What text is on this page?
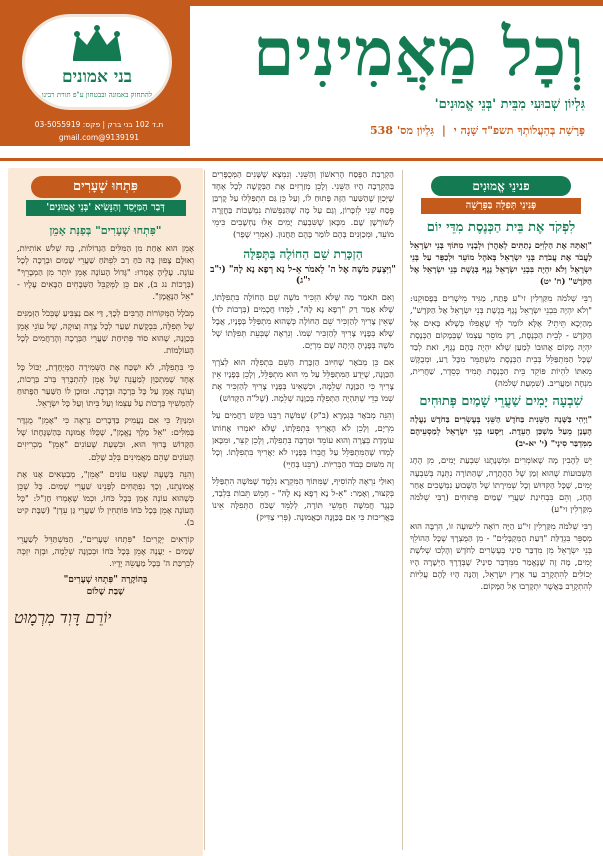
וְכָל מַאֲמִינִים
גִּלְיוֹן שְׁבוּעִי מִבֵּית 'בְּנֵי אֱמוּנִים'
פָּרָשַׁת בְּהַעֲלוֹתְךָ תשפ"ד שָׁנָה י | גִּלְיוֹן מס' 538
בני אמונים
להתחזק באמונה ובבטחון ע"פ תורת רבינו
ת.ד 102 בני ברק | פקס: 03-5055919
9139191@gmail.com
פנינֵי אֱמוּנִים
פְּנִינֵי תְּפִלָּה בַּפָּרָשָׁה
לִפְקֹד אֶת בֵּית הַכְּנֶסֶת מִדֵּי יוֹם

"וְאַתָּה אֶת הַלְוִיִּם נְתַתִּים לְאַהֲרֹן וּלְבָנָיו מִתּוֹךְ בְּנֵי יִשְׂרָאֵל לַעֲבֹד אֶת עֲבֹדַת בְּנֵי יִשְׂרָאֵל בְּאֹהֶל מוֹעֵד וּלְכַפֵּר עַל בְּנֵי יִשְׂרָאֵל וְלֹא יִהְיֶה בִּבְנֵי יִשְׂרָאֵל נֶגֶף בְּגֶשֶׁת בְּנֵי יִשְׂרָאֵל אֶל הַקֹּדֶשׁ" (ח' יט)

רַבֵּי שְׁלֹמֹה מִקַּרְלִין זי"ע פָּתַח, מַגִּיד מֵישָׁרִים בְּפָסוּקֵנוּ: "וְלֹא יִהְיֶה בִּבְנֵי יִשְׂרָאֵל נֶגֶף בְּגֶשֶׁת בְּנֵי יִשְׂרָאֵל אֶל הַקֹּדֶשׁ", מְהַיְכָא תֵּיתֵי? אֶלָּא לוֹמַר לְךָ שֶׁאֲפִלּוּ כְּשֶׁלֹּא בָּאִים אֶל הַקֹּדֶשׁ - לְבֵית הַכְּנֶסֶת, רַק מוֹסֵר עַצְמוֹ שֶׁבְּמָקוֹם הַכְּנֶסֶת יִהְיֶה מָקוֹם אֲהוּבוֹ לְמַעַן שֶׁלֹּא יִהְיֶה בָּהֶם נֶגֶף, זֹאת לְבַד שֶׁכָּל הַמִּתְפַּלֵּל בְּבֵית הַכְּנֶסֶת מִשְׁתַּמֵּר מִכָּל רַע, וּמְבֻקָּשׁ מֵאִתּוֹ לִהְיוֹת פּוֹקֵד בֵּית הַכְּנֶסֶת תָּמִיד כְּסֵדֶר, שַׁחֲרִית, מִנְחָה וּמַעֲרִיב. (שִׁמְעַת שְׁלֹמֹה)

שִׁבְעָה יָמִים שַׁעֲרֵי שָׁמַיִם פְּתוּחִים

"וַיְהִי בַּשָּׁנָה הַשֵּׁנִית בַּחֹדֶשׁ הַשֵּׁנִי בְּעֶשְׂרִים בַּחֹדֶשׁ נַעֲלָה הֶעָנָן מֵעַל מִשְׁכַּן הָעֵדֻת. וַיִּסְעוּ בְנֵי יִשְׂרָאֵל לְמַסְעֵיהֶם מִמִּדְבַּר סִינָי" (י' יא-יב)

יֵשׁ לְהָבִין מָה שֶׁאוֹמְרִים וּמִשְׁנָתָנוּ שִׁבְעַת יָמִים, מִן הֶחָג הַשְּׁבוּעוֹת שֶׁהוּא זְמַן שֶׁל הַהֲתָרָה, שֶׁהַתּוֹרָה נִתְּנָה בְּשִׁבְעָה יָמִים, שֶׁכָּל הַקִּדּוּשׁ וְכָל שְׁמִירָתוֹ שֶׁל הַשָּׁבוּעַ נִמְשָׁכִים אַחַר הֶחָג, וְהֵם בִּבְחִינַת שַׁעֲרֵי שָׁמַיִם פְּתוּחִים (רַבִּי שְׁלֹמֹה מִקַּרְלִין זי"ע)

רַבִּי שְׁלֹמֹה מִקַּרְלִין זי"ע הַיָּה רוֹאֶה לִישׁוּעָה זוֹ, הִרְבָּה הוּא מְסַפֵּר בִּגְדֻלַּת "דַּעַת הַמְּקֻבָּלִים" - מִן הַמֻּצְרָךְ שֶׁכָּל הַהוֹלֵךְ בְּנֵי יִשְׂרָאֵל מִן מִדְבַּר סִינַי בְּעֶשְׂרִים לַחֹדֶשׁ וְהָלְכוּ שְׁלשֶׁת יָמִים, מָה זֶה שֶׁנֶּאֱמַר מִמִּדְבַּר סִינַי? שֶׁבְּדֶרֶךְ הַיְּשָׁרָה הָיוּ יְכוֹלִים לְהִתְקָרֵב עַד אֶרֶץ יִשְׂרָאֵל, וְהַנָּה הָיוּ לָהֶם עֲלִיּוֹת לְהִתְקָרֵב בַּאֲשֶׁר יִתְקָרְבוּ אֶל הַמָּקוֹם.

הַקְרָבַת הַפֶּסַח הָרִאשׁוֹן וְהַשֵּׁנִי. וְנִמְצָא שֶׁשָּׁנִים הַמְּכֻפָּרִים בַּהַקְרָבָה הָיוּ הַשֵּׁנִי. וְלָכֵן מְזַרְזִים אֶת הַבְּקָשָׁה לְכָל אֶחָד שֶׁיְּכַוֵּן שֶׁהַשַּׁעַר הַזֶּה פָּתוּחַ לוֹ, וְעַל כֵּן גַּם הִתְפַּלְּלוּ עַל קָרְבַּן פֶּסַח שֵׁנִי לְזִכָּרוֹן, וְגַם עַל מָה שֶׁהַנַּפְשׁוֹת נִמְשָׁכוֹת בַּחֲזָרָה לְשׁוֹרְשָׁן שָׁם. מִכָּאן שֶׁשִּׁבְעַת יָמִים אֵלּוּ נַחְשָׁבִים כִּימֵי מוֹעֵד, וּמְכַוְּנִים בְּהֶם לוֹמַר בָּהֶם תַּחֲנוּן. (אִמְרֵי שֶׁפֶר)

הַזְכָּרַת שֵׁם הַחוֹלֶה בַּתְּפִלָּה
"וַיִּצְעַק מֹשֶׁה אֶל ה' לֵאמֹר אֵ-ל נָא רְפָא נָא לָהּ" (י"ב י"ג)

וְאִם תֹּאמַר מַה שֶּׁלֹּא הִזְכִּיר מֹשֶׁה שֵׁם הַחוֹלָה בִּתְפִלָּתוֹ, שֶׁלֹּא אָמַר רַק "רְפָא נָא לָהּ", לִמְּדוּ חֲכָמִים (בְּרָכוֹת לד) שֶׁאֵין צָרִיךְ לְהַזְכִּיר שֵׁם הַחוֹלֶה כְּשֶׁהוּא מִתְפַּלֵּל בְּפָנָיו, אֲבָל שֶׁלֹּא בְּפָנָיו צָרִיךְ לְהַזְכִּיר שְׁמוֹ. וְנִרְאֶה שֶׁבְּעֵת תְּפִלָּתוֹ שֶׁל מֹשֶׁה בְּפָנֶיהָ הָיְתָה שָׁם מִרְיָם.

אִם כֵּן מְבֹאָר שֶׁחִיּוּב הַזְכָּרַת הַשֵּׁם בִּתְפִלָּה הוּא לְצֹרֶךְ הַכַּוָּנָה, שֶׁיֵּדַע הַמִּתְפַּלֵּל עַל מִי הוּא מִתְפַּלֵּל, וְלָכֵן בְּפָנָיו אֵין צָרִיךְ כִּי הַכַּוָּנָה שְׁלֵמָה, וּכְשֶׁאֵינוֹ בְּפָנָיו צָרִיךְ לְהַזְכִּיר אֶת שְׁמוֹ כְּדֵי שֶׁתִּהְיֶה הַתְּפִלָּה בְּכַוָּנָה שְׁלֵמָה. (שֶׁל"ה הַקָּדוֹשׁ)

וְהִנֵּה מְבֹאָר בְּגְמָרָא (ב"ק) שֶׁמֹּשֶׁה רַבֵּנוּ בִּקֵּשׁ רַחֲמִים עַל מִרְיָם, וְלָכֵן לֹא הָאֲרִיךְ בִּתְפִלָּתוֹ, שֶׁלֹּא יֹאמְרוּ אֲחוֹתוֹ עוֹמֶדֶת בְּצָרָה וְהוּא עוֹמֵד וּמַרְבֶּה בִּתְפִלָּה, וְלָכֵן קִצֵּר, וּמִכָּאן לָמְדוּ שֶׁהַמִּתְפַּלֵּל עַל חֲבֵרוֹ בְּפָנָיו לֹא יַאֲרִיךְ בִּתְפִלָּתוֹ. וְכָל זֶה מִשּׁוּם כְּבוֹד הַבְּרִיּוֹת. (רַבֵּנוּ בְּחַיֵּי)

וְאוּלַי נִרְאֶה לְהוֹסִיף, שֶׁמִּתּוֹךְ הַמִּקְרָא נִלְמָד שֶׁמֹּשֶׁה הִתְפַּלֵּל בְּקִצּוּר, וְאָמַר: "אֵ-ל נָא רְפָא נָא לָהּ" - חָמֵשׁ תֵּבוֹת בִּלְבַד, כְּנֶגֶד חֲמִשָּׁה חֻמְּשֵׁי תּוֹרָה, לְלַמֵּד שֶׁכֹּחַ הַתְּפִלָּה אֵינוֹ בַּאֲרִיכוּת כִּי אִם בַּכַּוָּנָה וּבַאֲמוּנָה. (פְּרִי צַדִּיק)

פִּתְחוּ שְׁעָרִים
דְּבַר הַמַּיָּסֵד וְהַנָּשִׂיא 'בְּנֵי אֱמוּנִים'
"פִּתְחוּ שְׁעָרִים" בְּפַנַּת אָמֵן

אָמֵן הוּא אַחַת מִן הַמִּלִּים הַגְּדוֹלוֹת, בָּהּ שְׁלֹשׁ אוֹתִיּוֹת, וְאוּלָם צָפוּן בָּהּ כֹּחַ רַב לִפְתֹּחַ שַׁעֲרֵי שָׁמַיִם וּבְרָכָה לְכָל עוֹנֶה. עָלֶיהָ אָמְרוּ: "גָּדוֹל הָעוֹנֶה אָמֵן יוֹתֵר מִן הַמְבָרֵךְ" (בְּרָכוֹת נג ב), אִם כֵּן לַמְּקַבֵּל הַשְּׁבָחִים הַבָּאִים עָלָיו - "אֵל הַנֶּאֱמָן".

מְבֹלָל הַמְּקוֹרוֹת הָרַבִּים לְכָךְ, דַּי אִם נַצְבִּיעַ שֶׁבְּכֹל הַזְּמַנִּים שֶׁל תְּפִלָּה, בִּבְקָשַׁת שַׁעַר לְכָל צָרָה וְצוּקָה, שֶׁל עוֹנֵי אָמֵן בְּכַוָּנָה, שֶׁהוּא סוֹד פְּתִיחַת שַׁעֲרֵי הַבְּרָכָה וְהָרַחֲמִים לְכָל הָעוֹלָמוֹת.

כִּי בִּתְפִלָּה, לֹא יִשְׁכַּח אֶת הַשְּׁמִירָה הַמְּיֻחֶדֶת, יַכּוֹל כָּל אֶחָד שֶׁמִּתְכַּוֵּן לְמַעֲנֵה שֶׁל אָמֵן לְהִתְבָּרֵךְ בְּרֹב בְּרָכוֹת, וְעוֹנֶה אָמֵן עַל כָּל בְּרָכָה וּבְרָכָה. וּמוּכָן לוֹ הַשַּׁעַר הַפָּתוּחַ לְהַמְשִׁיךְ בְּרָכוֹת עַל עַצְמוֹ וְעַל בֵּיתוֹ וְעַל כָּל יִשְׂרָאֵל.

וּמִנַּיִן? כִּי אִם נַעֲמִיק בַּדְּבָרִים נִרְאֶה כִּי "אָמֵן" מֻגְדָּר בַּמִּלִּים: "אֵל מֶלֶךְ נֶאֱמָן", שֶׁכֻּלּוֹ אֱמוּנָה בְּהַשְׁגָּחָתוֹ שֶׁל הַקָּדוֹשׁ בָּרוּךְ הוּא, וּבִשְׁעַת שֶׁעוֹנִים "אָמֵן" מַכְרִיזִים הָעוֹנִים שֶׁהֵם מַאֲמִינִים בְּלֵב שָׁלֵם.

וְהִנֵּה בְּשָׁעָה שֶׁאָנוּ עוֹנִים "אָמֵן", מְבַטְּאִים אָנוּ אֶת אֱמוּנָתֵנוּ, וְכָךְ נִפְתָּחִים לְפָנֵינוּ שַׁעֲרֵי שָׁמַיִם. כָּל שֶׁכֵּן כְּשֶׁהוּא עוֹנֶה אָמֵן בְּכָל כֹּחוֹ, וּכְמוֹ שֶׁאָמְרוּ חֲזַ"ל: "כָּל הָעוֹנֶה אָמֵן בְּכָל כֹּחוֹ פּוֹתְחִין לוֹ שַׁעֲרֵי גַּן עֵדֶן" (שַׁבָּת קיט ב).

קוֹרְאִים יְקָרִים! "פִּתְחוּ שְׁעָרִים", הַמִּשְׁתַּדֵּל לְשַׁעֲרֵי שָׁמַיִם - יַעֲנֶה אָמֵן בְּכָל כֹּחוֹ וּבְכַוָּנָה שְׁלֵמָה, וּבְזֶה יִזְכֶּה לְבִרְכַּת ה' בְּכָל מַעֲשֵׂה יָדָיו.

בְּהוֹקָרָה "פִּתְחוּ שְׁעָרִים"
שָׁבַת שָׁלוֹם
יוֹרֵם דָּוִד מִרְמָוּט
